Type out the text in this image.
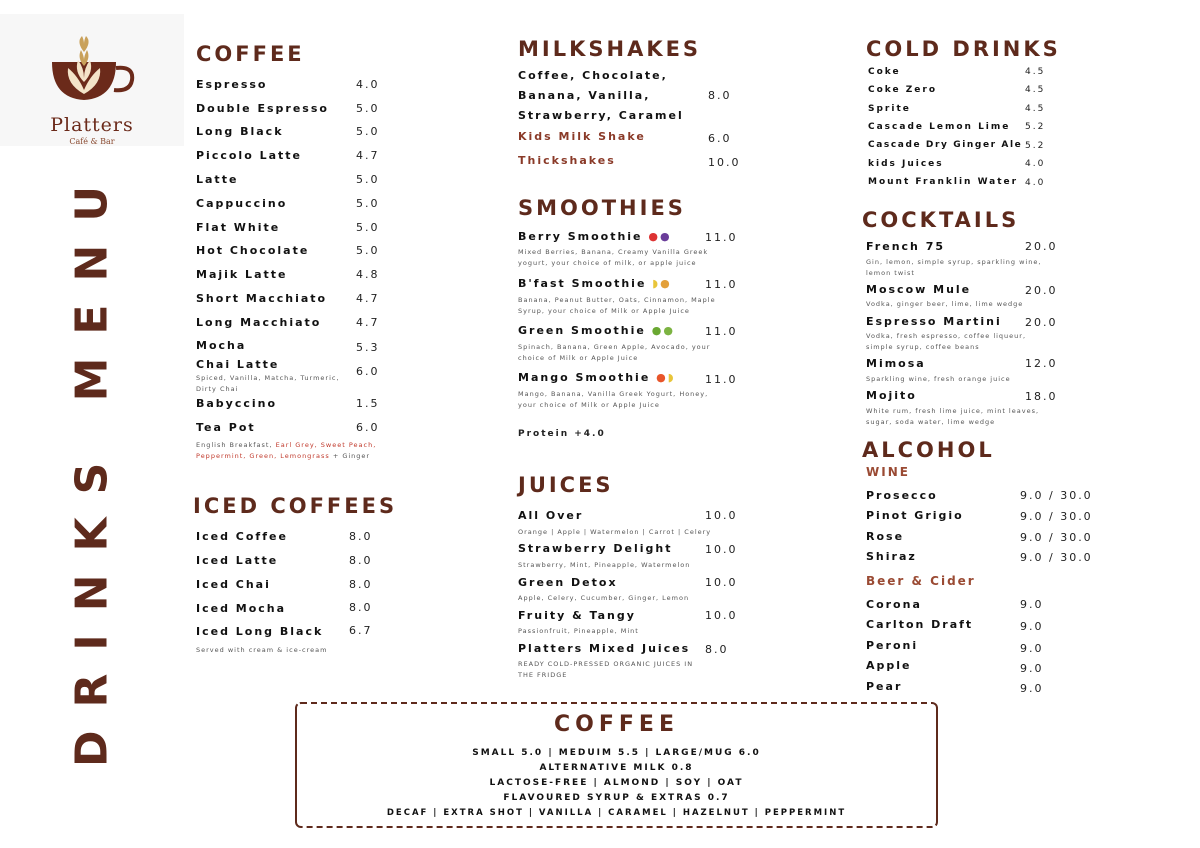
Platters
Café & Bar
DRINKS MENU
COFFEE
Espresso	4.0
Double Espresso 5.0
Long Black	5.0
Piccolo Latte	4.7
Latte	5.0
Cappuccino	5.0
Flat White	5.0
Hot Chocolate	5.0
Majik Latte	4.8
Short Macchiato	4.7
Long Macchiato	4.7
Mocha	5.3
Chai Latte
6.0
Spiced, Vanilla, Matcha, Turmeric, Dirty Chai
Babyccino	1.5
Tea Pot	6.0
English Breakfast, Earl Grey, Sweet Peach,
Peppermint, Green, Lemongrass + Ginger
ICED COFFEES
Iced Coffee	8.0
Iced Latte	8.0
Iced Chai	8.0
Iced Mocha	8.0
Iced Long Black 6.7
Served with cream & ice-cream
MILKSHAKES
Coffee, Chocolate,
Banana, Vanilla,
Strawberry, Caramel
8.0
Kids Milk Shake	6.0
Thickshakes	10.0
SMOOTHIES
Berry Smoothie ●●	11.0
Mixed Berries, Banana, Creamy Vanilla Greek yogurt, your choice of milk, or apple juice
B'fast Smoothie ◗●	11.0
Banana, Peanut Butter, Oats, Cinnamon, Maple Syrup, your choice of Milk or Apple Juice
Green Smoothie ●●	11.0
Spinach, Banana, Green Apple, Avocado, your choice of Milk or Apple Juice
Mango Smoothie ●◗	11.0
Mango, Banana, Vanilla Greek Yogurt, Honey, your choice of Milk or Apple Juice
Protein +4.0
JUICES
All Over	10.0
Orange | Apple | Watermelon | Carrot | Celery
Strawberry Delight	10.0
Strawberry, Mint, Pineapple, Watermelon
Green Detox	10.0
Apple, Celery, Cucumber, Ginger, Lemon
Fruity & Tangy	10.0
Passionfruit, Pineapple, Mint
Platters Mixed Juices 8.0
READY COLD-PRESSED ORGANIC JUICES IN THE FRIDGE
COLD DRINKS
Coke	4.5
Coke Zero	4.5
Sprite	4.5
Cascade Lemon Lime 5.2
Cascade Dry Ginger Ale 5.2
kids Juices	4.0
Mount Franklin Water 4.0
COCKTAILS
French 75	20.0
Gin, lemon, simple syrup, sparkling wine, lemon twist
Moscow Mule	20.0
Vodka, ginger beer, lime, lime wedge
Espresso Martini 20.0
Vodka, fresh espresso, coffee liqueur, simple syrup, coffee beans
Mimosa	12.0
Sparkling wine, fresh orange juice
Mojito	18.0
White rum, fresh lime juice, mint leaves, sugar, soda water, lime wedge
ALCOHOL
WINE
Prosecco	9.0 / 30.0
Pinot Grigio	9.0 / 30.0
Rose	9.0 / 30.0
Shiraz	9.0 / 30.0
Beer & Cider
Corona	9.0
Carlton Draft	9.0
Peroni	9.0
Apple	9.0
Pear	9.0
COFFEE
SMALL 5.0 | MEDUIM 5.5 | LARGE/MUG 6.0
ALTERNATIVE MILK 0.8
LACTOSE-FREE | ALMOND | SOY | OAT
FLAVOURED SYRUP & EXTRAS 0.7
DECAF | EXTRA SHOT | VANILLA | CARAMEL | HAZELNUT | PEPPERMINT
